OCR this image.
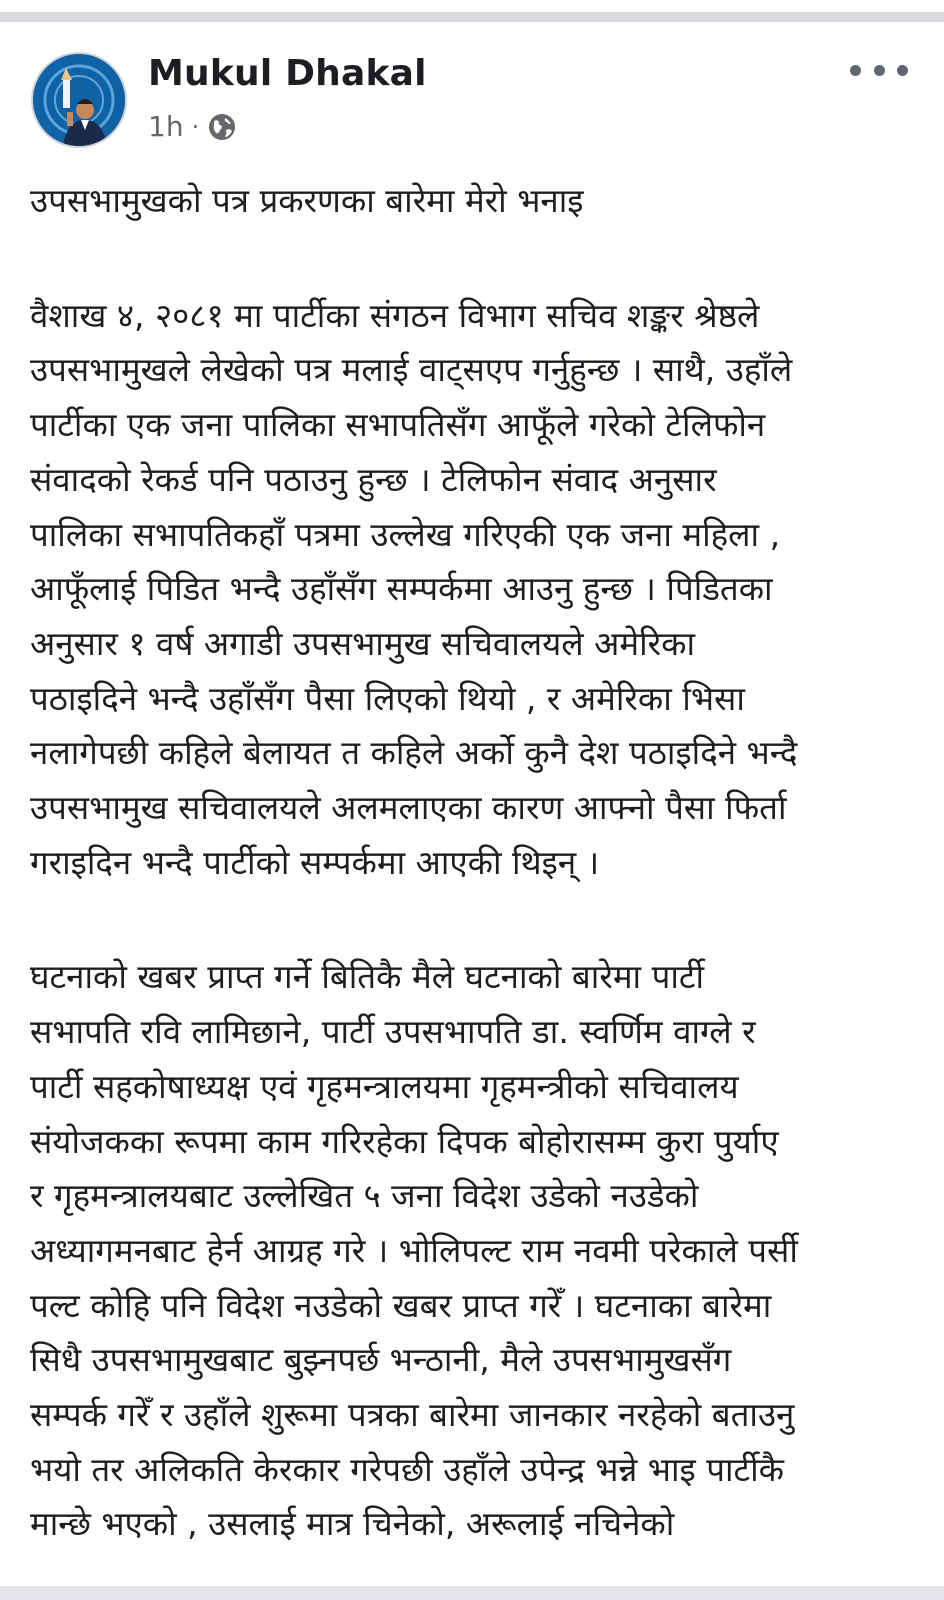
Mukul Dhakal
1h ·

उपसभामुखको पत्र प्रकरणका बारेमा मेरो भनाइ

वैशाख ४, २०८१ मा पार्टीका संगठन विभाग सचिव शङ्कर श्रेष्ठले

उपसभामुखले लेखेको पत्र मलाई वाट्सएप गर्नुहुन्छ । साथै, उहाँले

पार्टीका एक जना पालिका सभापतिसँग आफूँले गरेको टेलिफोन

संवादको रेकर्ड पनि पठाउनु हुन्छ । टेलिफोन संवाद अनुसार

पालिका सभापतिकहाँ पत्रमा उल्लेख गरिएकी एक जना महिला ,

आफूँलाई पिडित भन्दै उहाँसँग सम्पर्कमा आउनु हुन्छ । पिडितका

अनुसार १ वर्ष अगाडी उपसभामुख सचिवालयले अमेरिका

पठाइदिने भन्दै उहाँसँग पैसा लिएको थियो , र अमेरिका भिसा

नलागेपछी कहिले बेलायत त कहिले अर्को कुनै देश पठाइदिने भन्दै

उपसभामुख सचिवालयले अलमलाएका कारण आफ्नो पैसा फिर्ता

गराइदिन भन्दै पार्टीको सम्पर्कमा आएकी थिइन् ।

घटनाको खबर प्राप्त गर्ने बितिकै मैले घटनाको बारेमा पार्टी

सभापति रवि लामिछाने, पार्टी उपसभापति डा. स्वर्णिम वाग्ले र

पार्टी सहकोषाध्यक्ष एवं गृहमन्त्रालयमा गृहमन्त्रीको सचिवालय

संयोजकका रूपमा काम गरिरहेका दिपक बोहोरासम्म कुरा पुर्याए

र गृहमन्त्रालयबाट उल्लेखित ५ जना विदेश उडेको नउडेको

अध्यागमनबाट हेर्न आग्रह गरे । भोलिपल्ट राम नवमी परेकाले पर्सी

पल्ट कोहि पनि विदेश नउडेको खबर प्राप्त गरेँ । घटनाका बारेमा

सिधै उपसभामुखबाट बुझ्नपर्छ भन्ठानी, मैले उपसभामुखसँग

सम्पर्क गरेँ र उहाँले शुरूमा पत्रका बारेमा जानकार नरहेको बताउनु

भयो तर अलिकति केरकार गरेपछी उहाँले उपेन्द्र भन्ने भाइ पार्टीकै

मान्छे भएको , उसलाई मात्र चिनेको, अरूलाई नचिनेको
